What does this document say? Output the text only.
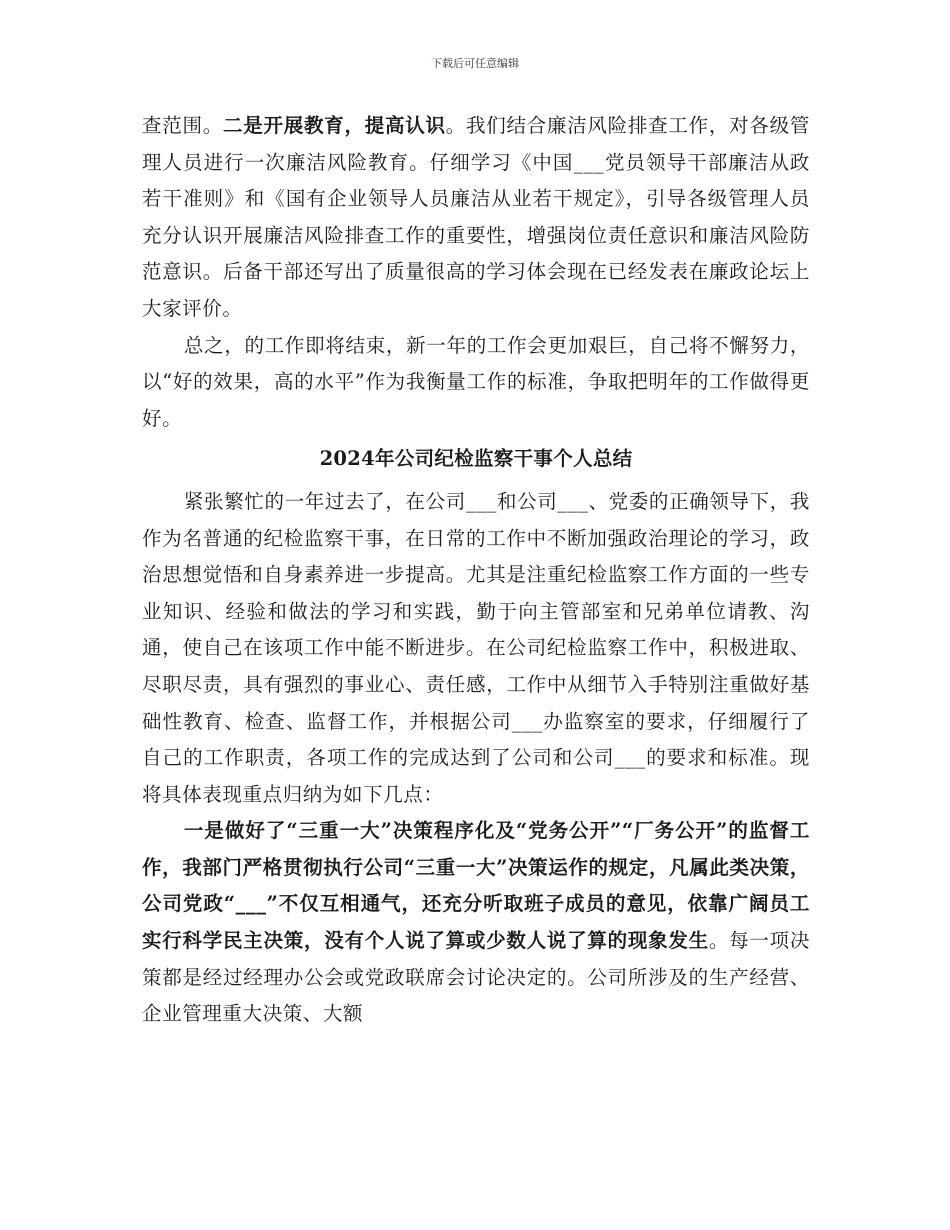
下载后可任意编辑

查范围。二是开展教育，提高认识。我们结合廉洁风险排查工作，对各级管理人员进行一次廉洁风险教育。仔细学习《中国___党员领导干部廉洁从政若干准则》和《国有企业领导人员廉洁从业若干规定》，引导各级管理人员充分认识开展廉洁风险排查工作的重要性，增强岗位责任意识和廉洁风险防范意识。后备干部还写出了质量很高的学习体会现在已经发表在廉政论坛上大家评价。

总之，的工作即将结束，新一年的工作会更加艰巨，自己将不懈努力，以“好的效果，高的水平”作为我衡量工作的标准，争取把明年的工作做得更好。

2024年公司纪检监察干事个人总结

紧张繁忙的一年过去了，在公司___和公司___、党委的正确领导下，我作为名普通的纪检监察干事，在日常的工作中不断加强政治理论的学习，政治思想觉悟和自身素养进一步提高。尤其是注重纪检监察工作方面的一些专业知识、经验和做法的学习和实践，勤于向主管部室和兄弟单位请教、沟通，使自己在该项工作中能不断进步。在公司纪检监察工作中，积极进取、尽职尽责，具有强烈的事业心、责任感，工作中从细节入手特别注重做好基础性教育、检查、监督工作，并根据公司___办监察室的要求，仔细履行了自己的工作职责，各项工作的完成达到了公司和公司___的要求和标准。现将具体表现重点归纳为如下几点：

一是做好了“三重一大”决策程序化及“党务公开”“厂务公开”的监督工作，我部门严格贯彻执行公司“三重一大”决策运作的规定，凡属此类决策，公司党政“___”不仅互相通气，还充分听取班子成员的意见，依靠广阔员工实行科学民主决策，没有个人说了算或少数人说了算的现象发生。每一项决策都是经过经理办公会或党政联席会讨论决定的。公司所涉及的生产经营、企业管理重大决策、大额
